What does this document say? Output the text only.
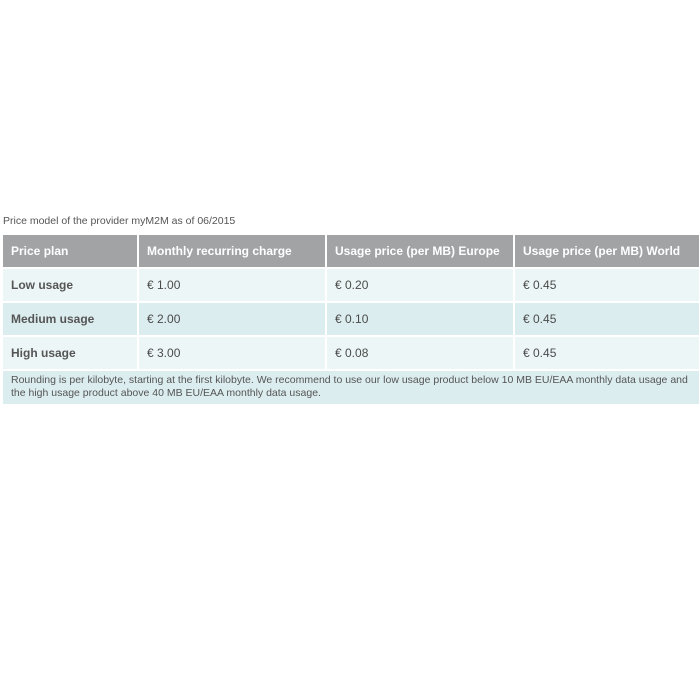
Price model of the provider myM2M as of 06/2015
Price plan	Monthly recurring charge	Usage price (per MB) Europe	Usage price (per MB) World
Low usage	€ 1.00	€ 0.20	€ 0.45
Medium usage	€ 2.00	€ 0.10	€ 0.45
High usage	€ 3.00	€ 0.08	€ 0.45
Rounding is per kilobyte, starting at the first kilobyte. We recommend to use our low usage product below 10 MB EU/EAA monthly data usage and the high usage product above 40 MB EU/EAA monthly data usage.			
